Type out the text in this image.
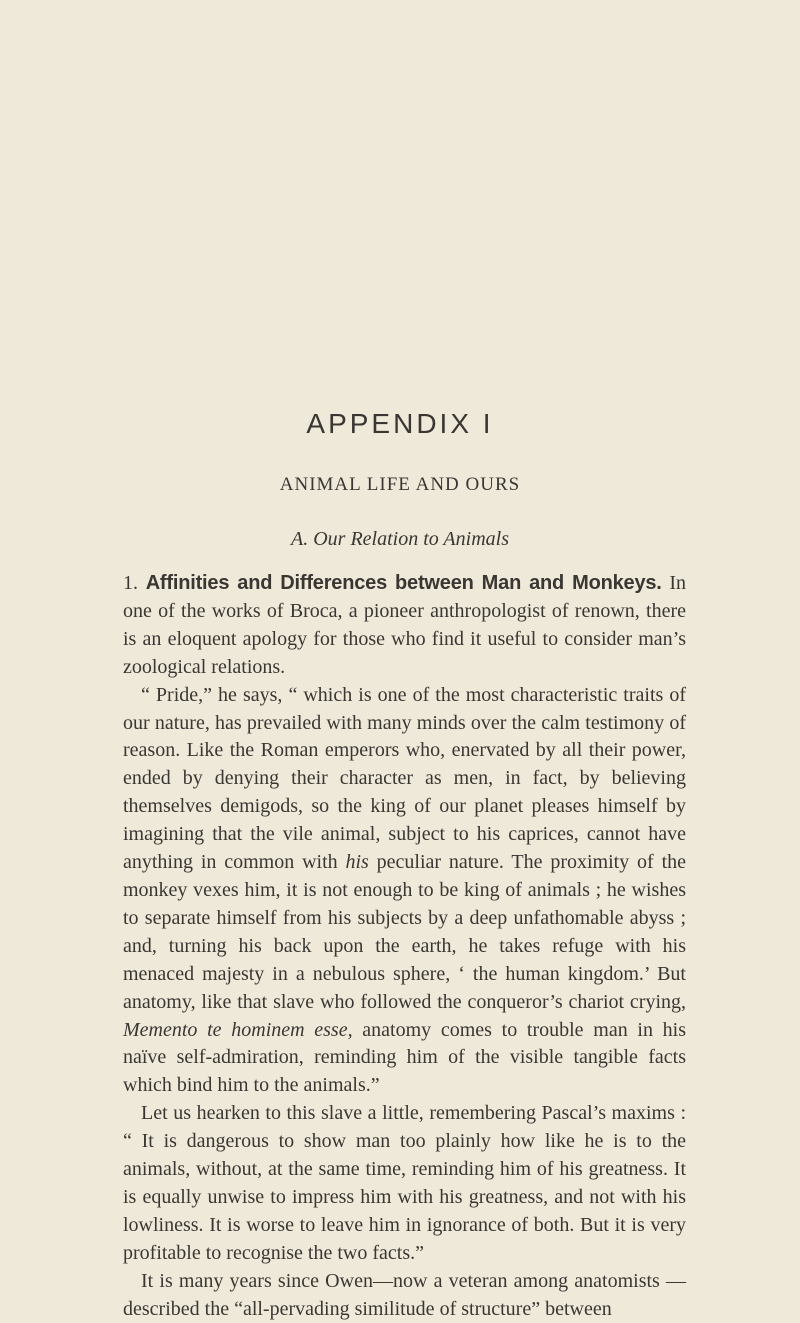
APPENDIX I
ANIMAL LIFE AND OURS
A. Our Relation to Animals

1. Affinities and Differences between Man and Monkeys. In one of the works of Broca, a pioneer anthropologist of renown, there is an eloquent apology for those who find it useful to consider man’s zoological relations.

“ Pride,” he says, “ which is one of the most characteristic traits of our nature, has prevailed with many minds over the calm testimony of reason. Like the Roman emperors who, enervated by all their power, ended by denying their character as men, in fact, by believing themselves demigods, so the king of our planet pleases himself by imagining that the vile animal, subject to his caprices, cannot have anything in common with his peculiar nature. The proximity of the monkey vexes him, it is not enough to be king of animals ; he wishes to separate himself from his subjects by a deep unfathomable abyss ; and, turning his back upon the earth, he takes refuge with his menaced majesty in a nebulous sphere, ‘ the human kingdom.’ But anatomy, like that slave who followed the conqueror’s chariot crying, Memento te hominem esse, anatomy comes to trouble man in his naïve self-admiration, reminding him of the visible tangible facts which bind him to the animals.”

Let us hearken to this slave a little, remembering Pascal’s maxims : “ It is dangerous to show man too plainly how like he is to the animals, without, at the same time, reminding him of his greatness. It is equally unwise to impress him with his greatness, and not with his lowliness. It is worse to leave him in ignorance of both. But it is very profitable to recognise the two facts.”

It is many years since Owen—now a veteran among anatomists —described the “all-pervading similitude of structure” between
